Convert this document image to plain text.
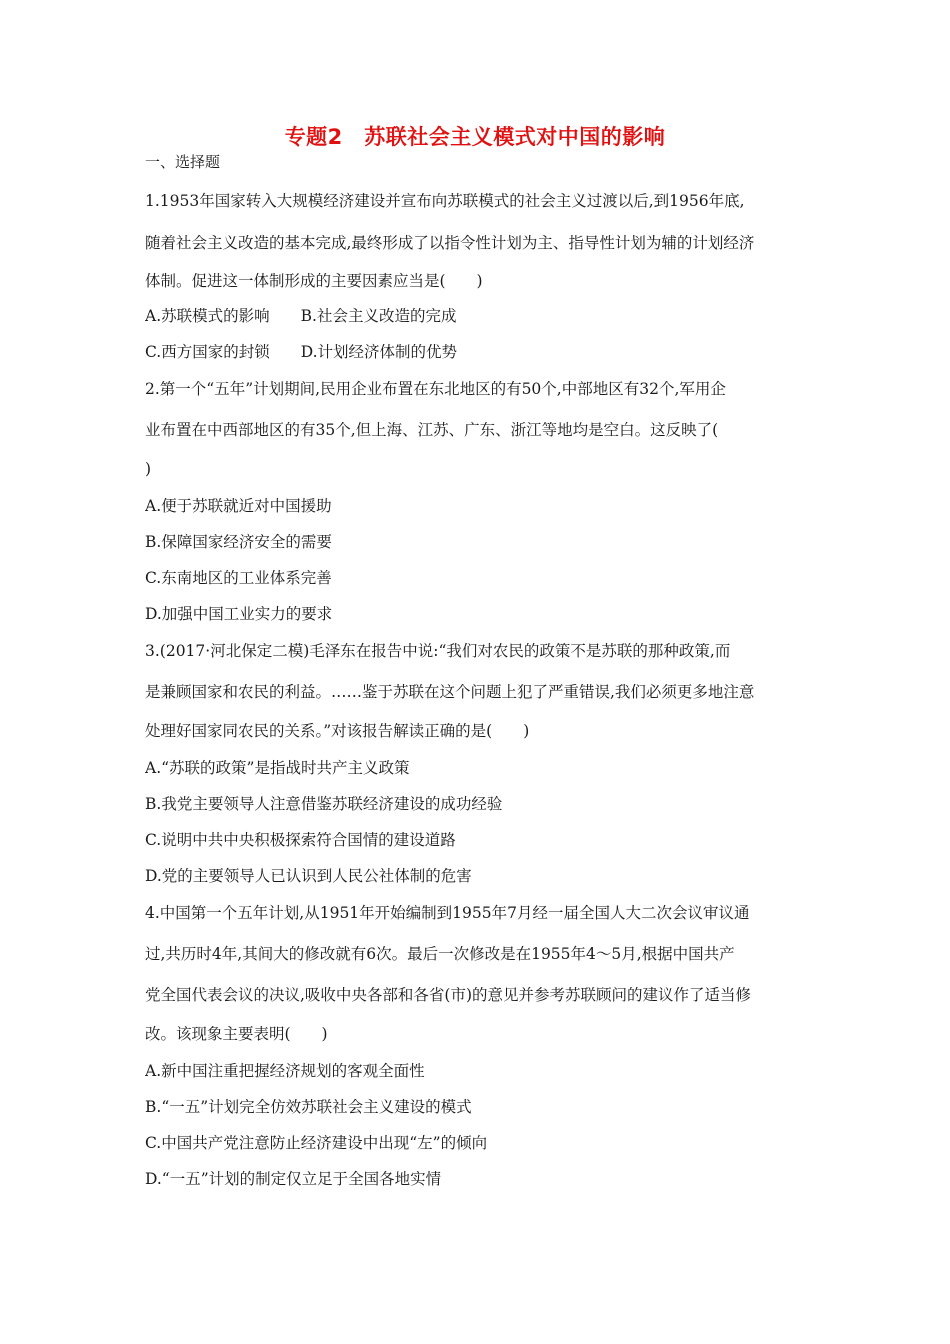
专题2　苏联社会主义模式对中国的影响
一、选择题
1.1953年国家转入大规模经济建设并宣布向苏联模式的社会主义过渡以后,到1956年底,
随着社会主义改造的基本完成,最终形成了以指令性计划为主、指导性计划为辅的计划经济
体制。促进这一体制形成的主要因素应当是(　　)
A.苏联模式的影响　　B.社会主义改造的完成
C.西方国家的封锁　　D.计划经济体制的优势
2.第一个“五年”计划期间,民用企业布置在东北地区的有50个,中部地区有32个,军用企
业布置在中西部地区的有35个,但上海、江苏、广东、浙江等地均是空白。这反映了(
)
A.便于苏联就近对中国援助
B.保障国家经济安全的需要
C.东南地区的工业体系完善
D.加强中国工业实力的要求
3.(2017·河北保定二模)毛泽东在报告中说:“我们对农民的政策不是苏联的那种政策,而
是兼顾国家和农民的利益。……鉴于苏联在这个问题上犯了严重错误,我们必须更多地注意
处理好国家同农民的关系。”对该报告解读正确的是(　　)
A.“苏联的政策”是指战时共产主义政策
B.我党主要领导人注意借鉴苏联经济建设的成功经验
C.说明中共中央积极探索符合国情的建设道路
D.党的主要领导人已认识到人民公社体制的危害
4.中国第一个五年计划,从1951年开始编制到1955年7月经一届全国人大二次会议审议通
过,共历时4年,其间大的修改就有6次。最后一次修改是在1955年4～5月,根据中国共产
党全国代表会议的决议,吸收中央各部和各省(市)的意见并参考苏联顾问的建议作了适当修
改。该现象主要表明(　　)
A.新中国注重把握经济规划的客观全面性
B.“一五”计划完全仿效苏联社会主义建设的模式
C.中国共产党注意防止经济建设中出现“左”的倾向
D.“一五”计划的制定仅立足于全国各地实情
